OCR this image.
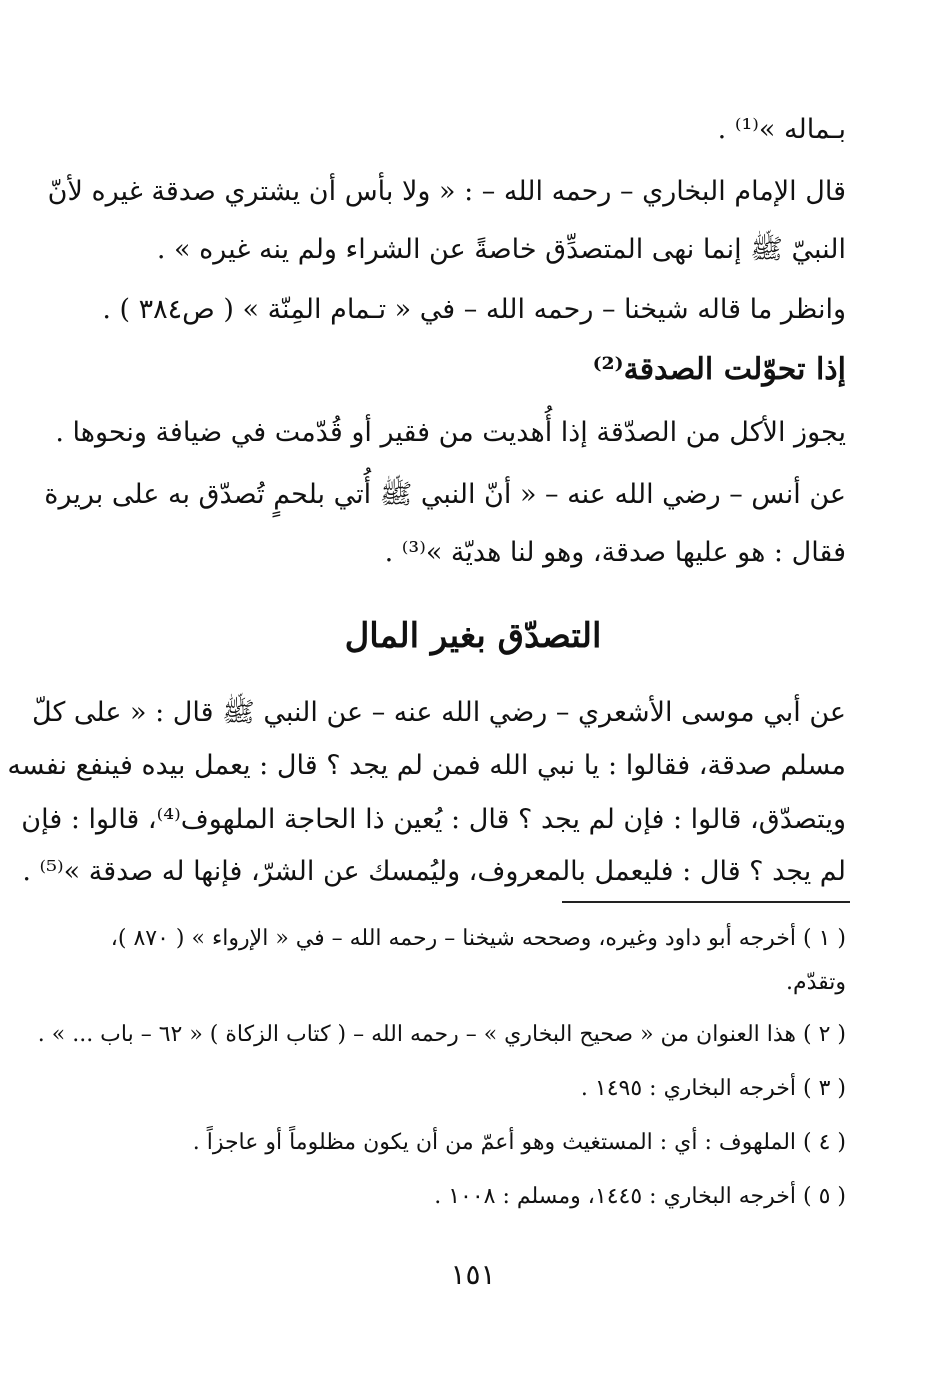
بـماله »⁽¹⁾ .
قال الإمام البخاري – رحمه الله – : « ولا بأس أن يشتري صدقة غيره لأنّ
النبيّ ﷺ إنما نهى المتصدِّق خاصةً عن الشراء ولم ينه غيره » .
وانظر ما قاله شيخنا – رحمه الله – في « تـمام المِنّة » ( ص٣٨٤ ) .
إذا تحوّلت الصدقة⁽²⁾
يجوز الأكل من الصدّقة إذا أُهديت من فقير أو قُدّمت في ضيافة ونحوها .
عن أنس – رضي الله عنه – « أنّ النبي ﷺ أُتي بلحمٍ تُصدّق به على بريرة
فقال : هو عليها صدقة، وهو لنا هديّة »⁽³⁾ .
التصدّق بغير المال
عن أبي موسى الأشعري – رضي الله عنه – عن النبي ﷺ قال : « على كلّ
مسلم صدقة، فقالوا : يا نبي الله فمن لم يجد ؟ قال : يعمل بيده فينفع نفسه
ويتصدّق، قالوا : فإن لم يجد ؟ قال : يُعين ذا الحاجة الملهوف⁽⁴⁾، قالوا : فإن
لم يجد ؟ قال : فليعمل بالمعروف، وليُمسك عن الشرّ، فإنها له صدقة »⁽⁵⁾ .
( ١ ) أخرجه أبو داود وغيره، وصححه شيخنا – رحمه الله – في « الإرواء » ( ٨٧٠ )،
وتقدّم.
( ٢ ) هذا العنوان من « صحيح البخاري » – رحمه الله – ( كتاب الزكاة ) « ٦٢ – باب ... » .
( ٣ ) أخرجه البخاري : ١٤٩٥ .
( ٤ ) الملهوف : أي : المستغيث وهو أعمّ من أن يكون مظلوماً أو عاجزاً .
( ٥ ) أخرجه البخاري : ١٤٤٥، ومسلم : ١٠٠٨ .
١٥١
